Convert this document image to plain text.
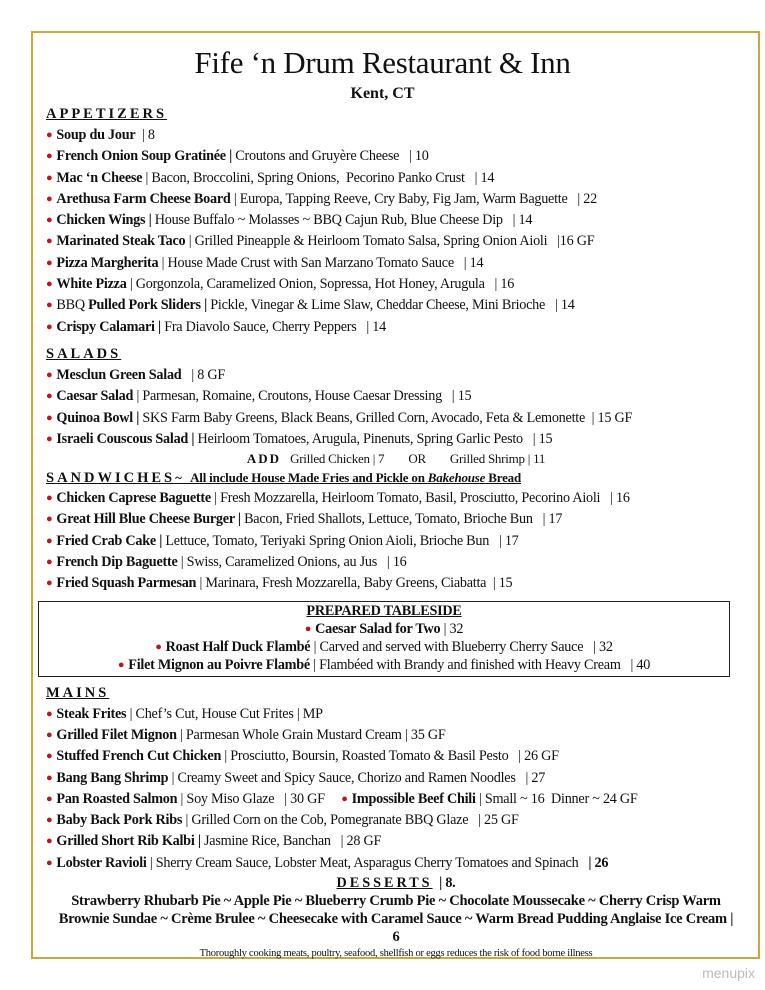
Fife ‘n Drum Restaurant & Inn
Kent, CT
APPETIZERS
● Soup du Jour  | 8
● French Onion Soup Gratinée | Croutons and Gruyère Cheese   | 10
● Mac ‘n Cheese | Bacon, Broccolini, Spring Onions,  Pecorino Panko Crust   | 14
● Arethusa Farm Cheese Board | Europa, Tapping Reeve, Cry Baby, Fig Jam, Warm Baguette   | 22
● Chicken Wings | House Buffalo ~ Molasses ~ BBQ Cajun Rub, Blue Cheese Dip   | 14
● Marinated Steak Taco | Grilled Pineapple & Heirloom Tomato Salsa, Spring Onion Aioli   |16 GF
● Pizza Margherita | House Made Crust with San Marzano Tomato Sauce   | 14
● White Pizza | Gorgonzola, Caramelized Onion, Sopressa, Hot Honey, Arugula   | 16
● BBQ Pulled Pork Sliders | Pickle, Vinegar & Lime Slaw, Cheddar Cheese, Mini Brioche   | 14
● Crispy Calamari | Fra Diavolo Sauce, Cherry Peppers   | 14
SALADS
● Mesclun Green Salad   | 8 GF
● Caesar Salad | Parmesan, Romaine, Croutons, House Caesar Dressing   | 15
● Quinoa Bowl | SKS Farm Baby Greens, Black Beans, Grilled Corn, Avocado, Feta & Lemonette  | 15 GF
● Israeli Couscous Salad | Heirloom Tomatoes, Arugula, Pinenuts, Spring Garlic Pesto   | 15
ADD Grilled Chicken | 7 OR Grilled Shrimp | 11
SANDWICHES~   All include House Made Fries and Pickle on Bakehouse Bread
● Chicken Caprese Baguette | Fresh Mozzarella, Heirloom Tomato, Basil, Prosciutto, Pecorino Aioli   | 16
● Great Hill Blue Cheese Burger | Bacon, Fried Shallots, Lettuce, Tomato, Brioche Bun   | 17
● Fried Crab Cake | Lettuce, Tomato, Teriyaki Spring Onion Aioli, Brioche Bun   | 17
● French Dip Baguette | Swiss, Caramelized Onions, au Jus   | 16
● Fried Squash Parmesan | Marinara, Fresh Mozzarella, Baby Greens, Ciabatta  | 15
PREPARED TABLESIDE
● Caesar Salad for Two | 32
● Roast Half Duck Flambé | Carved and served with Blueberry Cherry Sauce   | 32
● Filet Mignon au Poivre Flambé | Flambéed with Brandy and finished with Heavy Cream   | 40
MAINS
● Steak Frites | Chef’s Cut, House Cut Frites | MP
● Grilled Filet Mignon | Parmesan Whole Grain Mustard Cream | 35 GF
● Stuffed French Cut Chicken | Prosciutto, Boursin, Roasted Tomato & Basil Pesto   | 26 GF
● Bang Bang Shrimp | Creamy Sweet and Spicy Sauce, Chorizo and Ramen Noodles   | 27
● Pan Roasted Salmon | Soy Miso Glaze   | 30 GF ● Impossible Beef Chili | Small ~ 16  Dinner ~ 24 GF
● Baby Back Pork Ribs | Grilled Corn on the Cob, Pomegranate BBQ Glaze   | 25 GF
● Grilled Short Rib Kalbi | Jasmine Rice, Banchan   | 28 GF
● Lobster Ravioli | Sherry Cream Sauce, Lobster Meat, Asparagus Cherry Tomatoes and Spinach   | 26
DESSERTS  | 8.
Strawberry Rhubarb Pie ~ Apple Pie ~ Blueberry Crumb Pie ~ Chocolate Moussecake ~ Cherry Crisp Warm Brownie Sundae ~ Crème Brulee ~ Cheesecake with Caramel Sauce ~ Warm Bread Pudding Anglaise Ice Cream | 6
Thoroughly cooking meats, poultry, seafood, shellfish or eggs reduces the risk of food borne illness
menupix
